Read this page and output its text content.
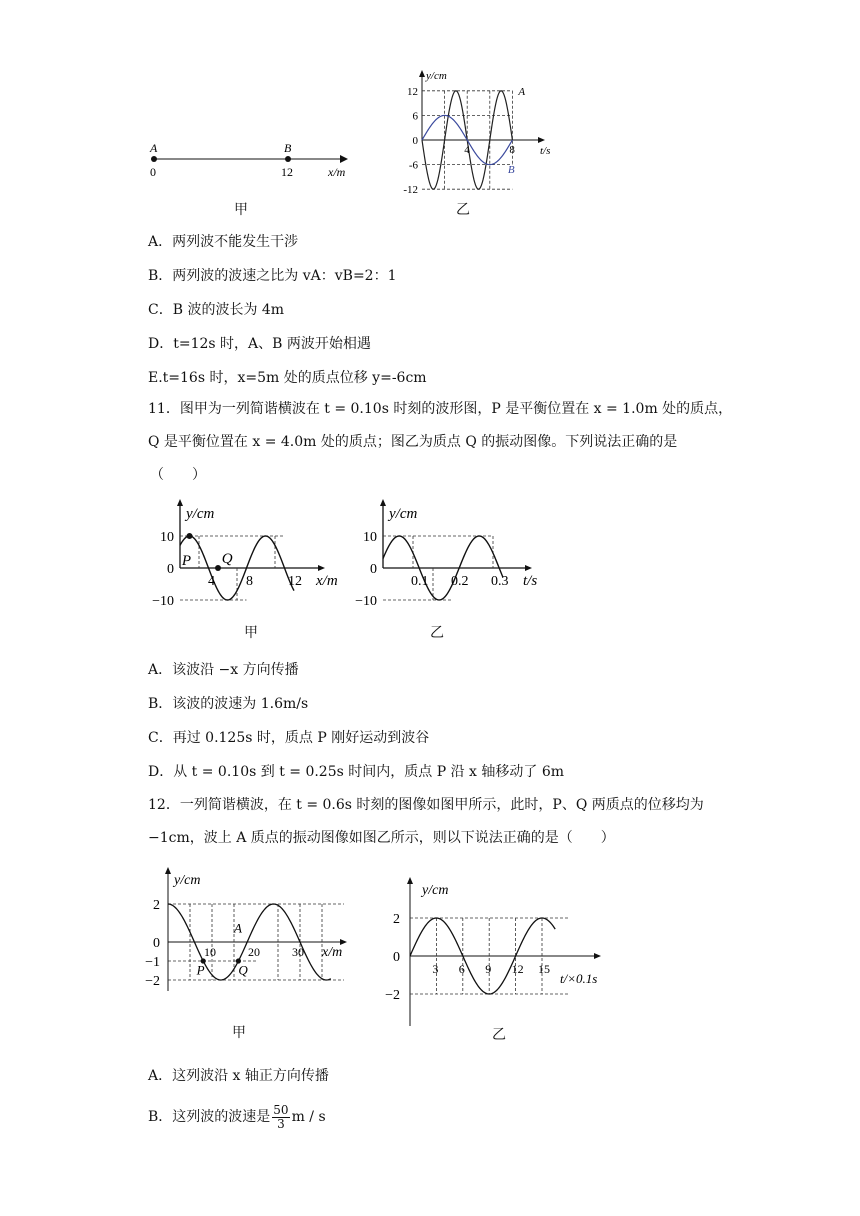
A	B
0	12	x/m
甲
12
6
0
-6
-12
4	8
y/cm
t/s
A
B
乙
A．两列波不能发生干涉
B．两列波的波速之比为 vA：vB=2：1
C．B 波的波长为 4m
D．t=12s 时，A、B 两波开始相遇
E.t=16s 时，x=5m 处的质点位移 y=-6cm
11．图甲为一列简谐横波在 t = 0.10s 时刻的波形图，P 是平衡位置在 x = 1.0m 处的质点，
Q 是平衡位置在 x = 4.0m 处的质点；图乙为质点 Q 的振动图像。下列说法正确的是
（　　）
P Q
10
0
−10
4 8	12
y/cm
x/m
甲
10
0
−10
0.1 0.2 0.3
y/cm
t/s
乙
A．该波沿 −x 方向传播
B．该波的波速为 1.6m/s
C．再过 0.125s 时，质点 P 刚好运动到波谷
D．从 t = 0.10s 到 t = 0.25s 时间内，质点 P 沿 x 轴移动了 6m
12．一列简谐横波，在 t = 0.6s 时刻的图像如图甲所示，此时，P、Q 两质点的位移均为
−1cm，波上 A 质点的振动图像如图乙所示，则以下说法正确的是（　　）
P	Q
A
2
0
−1
−2
10	20	30
y/cm
x/m
甲
2
0
−2
3 6 9 12 15
y/cm
t/×0.1s
乙
A．这列波沿 x 轴正方向传播
B．这列波的波速是 $\frac{50}{3}$ m / s
